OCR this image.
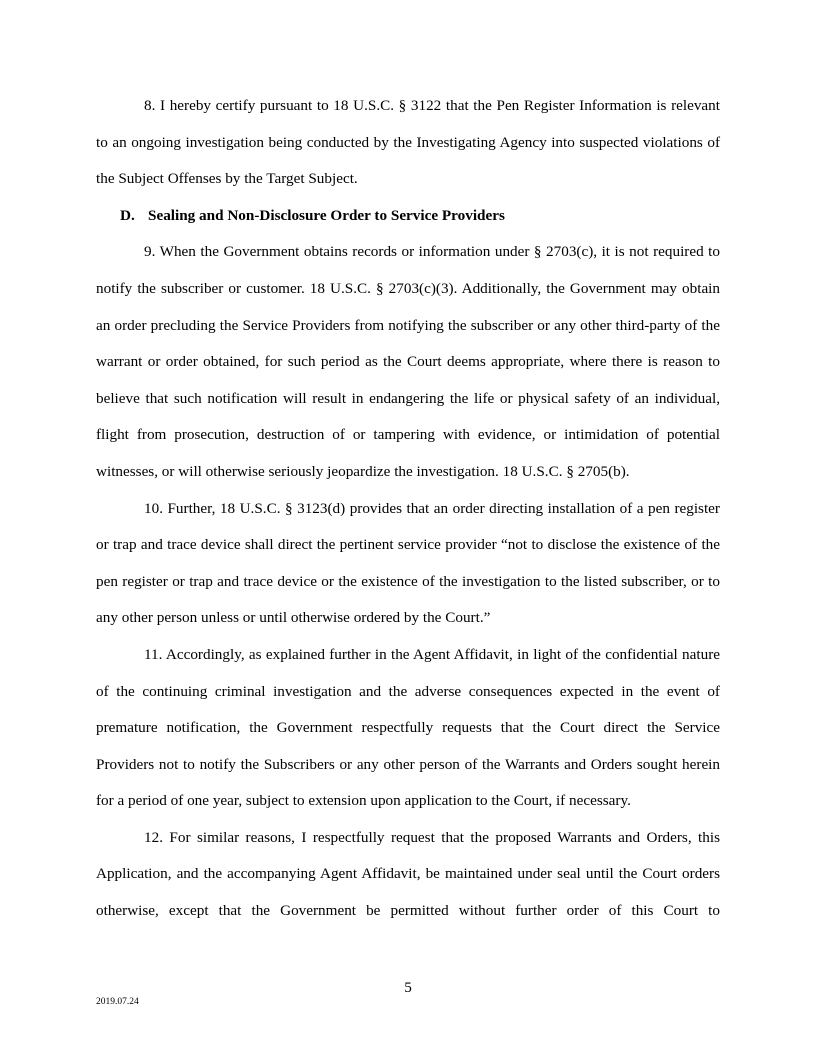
8. I hereby certify pursuant to 18 U.S.C. § 3122 that the Pen Register Information is relevant to an ongoing investigation being conducted by the Investigating Agency into suspected violations of the Subject Offenses by the Target Subject.

D. Sealing and Non-Disclosure Order to Service Providers

9. When the Government obtains records or information under § 2703(c), it is not required to notify the subscriber or customer. 18 U.S.C. § 2703(c)(3). Additionally, the Government may obtain an order precluding the Service Providers from notifying the subscriber or any other third-party of the warrant or order obtained, for such period as the Court deems appropriate, where there is reason to believe that such notification will result in endangering the life or physical safety of an individual, flight from prosecution, destruction of or tampering with evidence, or intimidation of potential witnesses, or will otherwise seriously jeopardize the investigation. 18 U.S.C. § 2705(b).

10. Further, 18 U.S.C. § 3123(d) provides that an order directing installation of a pen register or trap and trace device shall direct the pertinent service provider “not to disclose the existence of the pen register or trap and trace device or the existence of the investigation to the listed subscriber, or to any other person unless or until otherwise ordered by the Court.”

11. Accordingly, as explained further in the Agent Affidavit, in light of the confidential nature of the continuing criminal investigation and the adverse consequences expected in the event of premature notification, the Government respectfully requests that the Court direct the Service Providers not to notify the Subscribers or any other person of the Warrants and Orders sought herein for a period of one year, subject to extension upon application to the Court, if necessary.

12. For similar reasons, I respectfully request that the proposed Warrants and Orders, this Application, and the accompanying Agent Affidavit, be maintained under seal until the Court orders otherwise, except that the Government be permitted without further order of this Court to

5
2019.07.24
